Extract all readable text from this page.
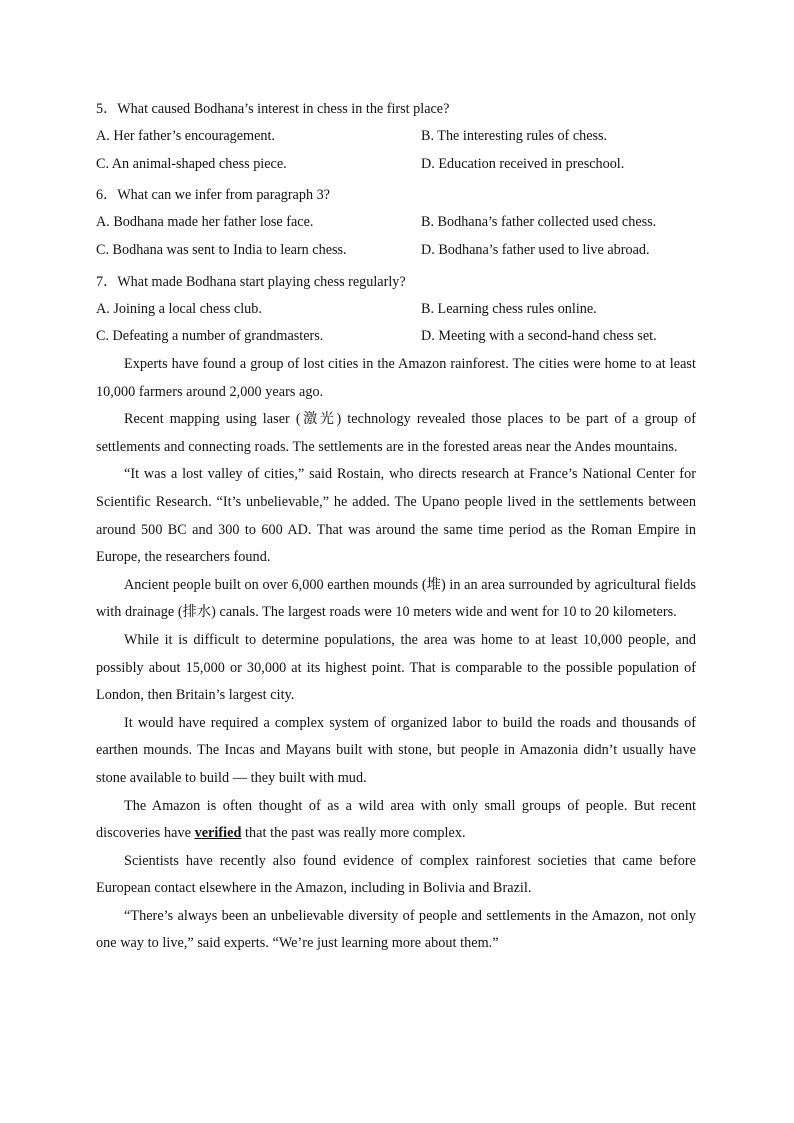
5．What caused Bodhana’s interest in chess in the first place?
A. Her father’s encouragement.	B. The interesting rules of chess.
C. An animal-shaped chess piece.	D. Education received in preschool.
6．What can we infer from paragraph 3?
A. Bodhana made her father lose face.	B. Bodhana’s father collected used chess.
C. Bodhana was sent to India to learn chess.	D. Bodhana’s father used to live abroad.
7．What made Bodhana start playing chess regularly?
A. Joining a local chess club.	B. Learning chess rules online.
C. Defeating a number of grandmasters.	D. Meeting with a second-hand chess set.

Experts have found a group of lost cities in the Amazon rainforest. The cities were home to at least 10,000 farmers around 2,000 years ago.

Recent mapping using laser (激光) technology revealed those places to be part of a group of settlements and connecting roads. The settlements are in the forested areas near the Andes mountains.

“It was a lost valley of cities,” said Rostain, who directs research at France’s National Center for Scientific Research. “It’s unbelievable,” he added. The Upano people lived in the settlements between around 500 BC and 300 to 600 AD. That was around the same time period as the Roman Empire in Europe, the researchers found.

Ancient people built on over 6,000 earthen mounds (堆) in an area surrounded by agricultural fields with drainage (排水) canals. The largest roads were 10 meters wide and went for 10 to 20 kilometers.

While it is difficult to determine populations, the area was home to at least 10,000 people, and possibly about 15,000 or 30,000 at its highest point. That is comparable to the possible population of London, then Britain’s largest city.

It would have required a complex system of organized labor to build the roads and thousands of earthen mounds. The Incas and Mayans built with stone, but people in Amazonia didn’t usually have stone available to build — they built with mud.

The Amazon is often thought of as a wild area with only small groups of people. But recent discoveries have verified that the past was really more complex.

Scientists have recently also found evidence of complex rainforest societies that came before European contact elsewhere in the Amazon, including in Bolivia and Brazil.

“There’s always been an unbelievable diversity of people and settlements in the Amazon, not only one way to live,” said experts. “We’re just learning more about them.”
